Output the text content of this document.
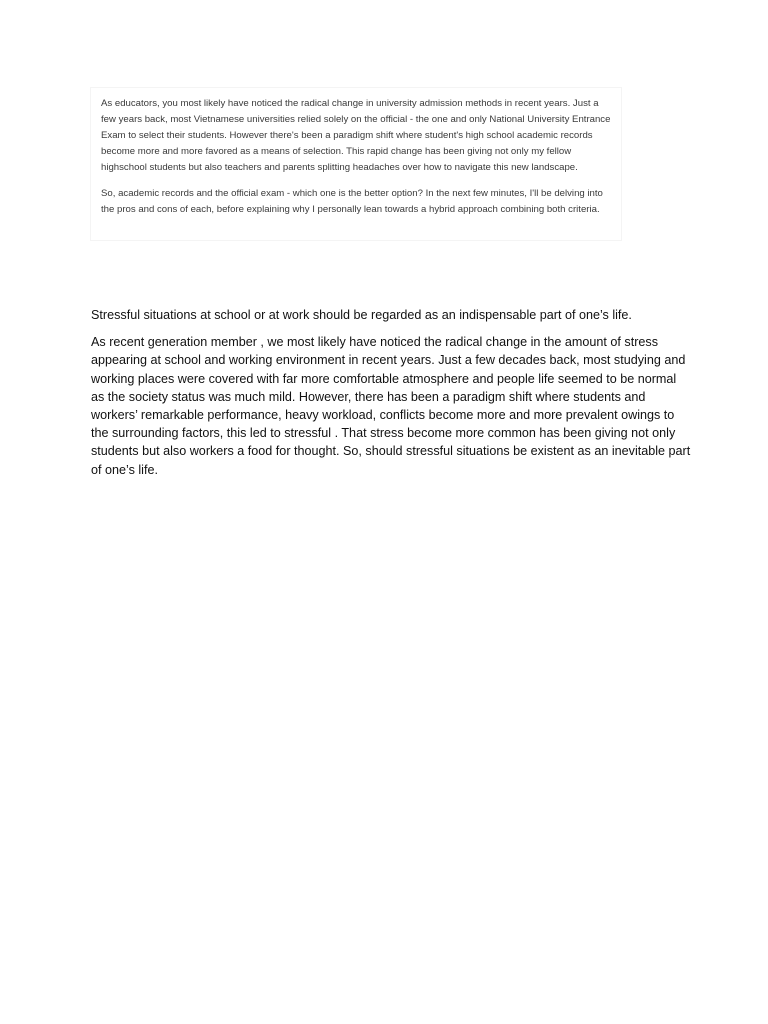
As educators, you most likely have noticed the radical change in university admission methods in recent years. Just a few years back, most Vietnamese universities relied solely on the official - the one and only National University Entrance Exam to select their students. However there's been a paradigm shift where student's high school academic records become more and more favored as a means of selection. This rapid change has been giving not only my fellow highschool students but also teachers and parents splitting headaches over how to navigate this new landscape.

So, academic records and the official exam - which one is the better option? In the next few minutes, I'll be delving into the pros and cons of each, before explaining why I personally lean towards a hybrid approach combining both criteria.

Stressful situations at school or at work should be regarded as an indispensable part of one’s life.

As recent generation member , we most likely have noticed the radical change in the amount of stress appearing at school and working environment in recent years. Just a few decades back, most studying and working places were covered with far more comfortable atmosphere and people life seemed to be normal as the society status was much mild. However, there has been a paradigm shift where students and workers’ remarkable performance, heavy workload, conflicts become more and more prevalent owings to the surrounding factors, this led to stressful . That stress become more common has been giving not only students but also workers a food for thought. So, should stressful situations be existent as an inevitable part of one’s life.
